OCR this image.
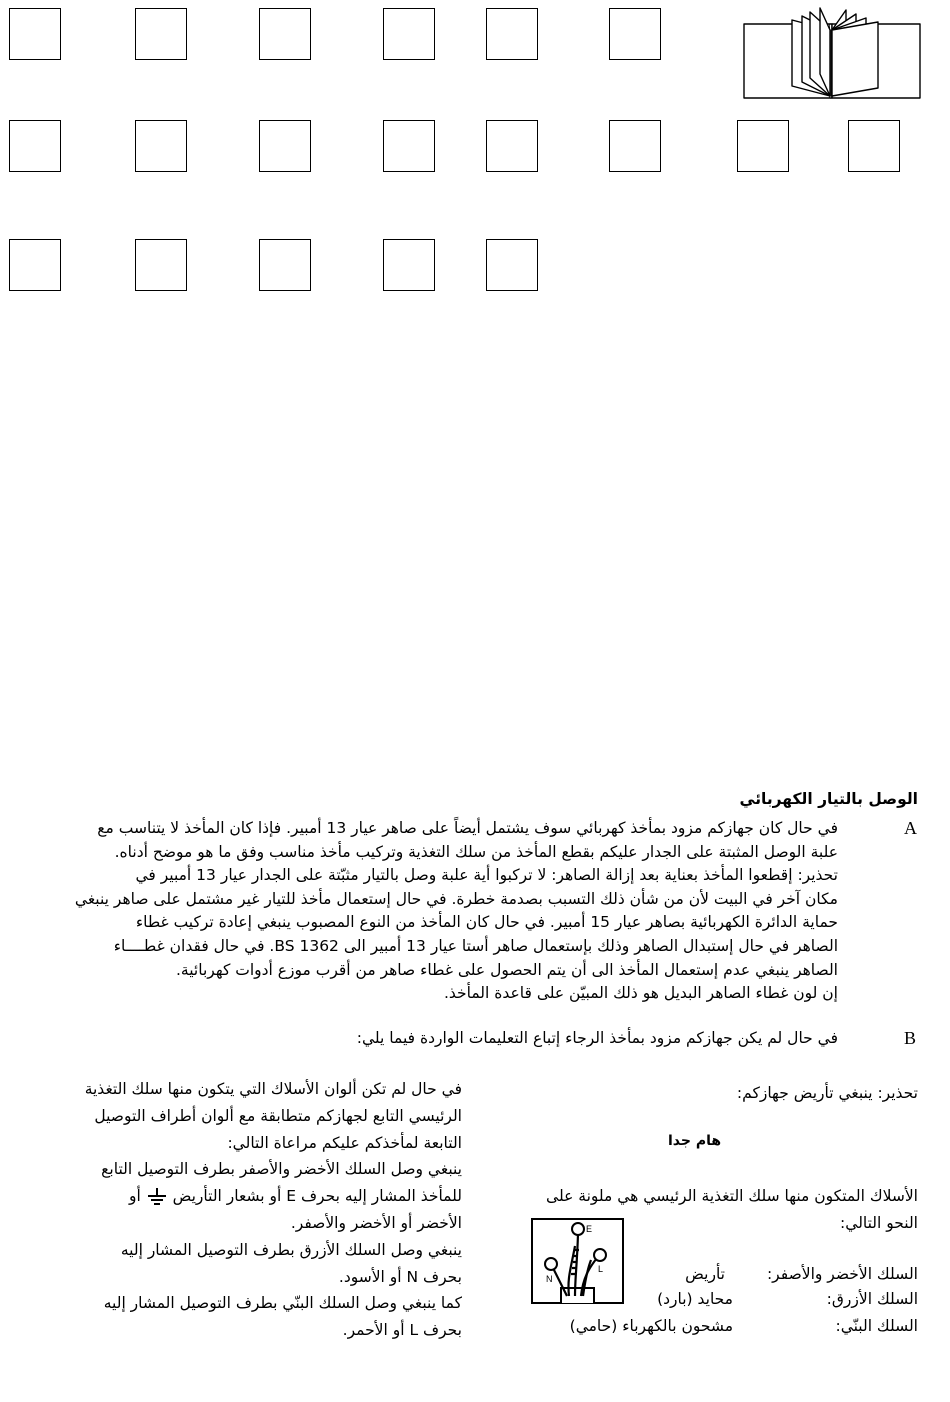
الوصل بالتيار الكهربائي
A

في حال كان جهازكم مزود بمأخذ كهربائي سوف يشتمل أيضاً على صاهر عيار 13 أمبير. فإذا كان المأخذ لا يتناسب مع

علبة الوصل المثبتة على الجدار عليكم بقطع المأخذ من سلك التغذية وتركيب مأخذ مناسب وفق ما هو موضح أدناه.

تحذير: إقطعوا المأخذ بعناية بعد إزالة الصاهر: لا تركبوا أية علبة وصل بالتيار مثبّتة على الجدار عيار 13 أمبير في

مكان آخر في البيت لأن من شأن ذلك التسبب بصدمة خطرة. في حال إستعمال مأخذ للتيار غير مشتمل على صاهر ينبغي

حماية الدائرة الكهربائية بصاهر عيار 15 أمبير. في حال كان المأخذ من النوع المصبوب ينبغي إعادة تركيب غطاء

الصاهر في حال إستبدال الصاهر وذلك بإستعمال صاهر أستا عيار 13 أمبير الى BS 1362. في حال فقدان غطــــاء

الصاهر ينبغي عدم إستعمال المأخذ الى أن يتم الحصول على غطاء صاهر من أقرب موزع أدوات كهربائية.

إن لون غطاء الصاهر البديل هو ذلك المبيّن على قاعدة المأخذ.

B

في حال لم يكن جهازكم مزود بمأخذ الرجاء إتباع التعليمات الواردة فيما يلي:

في حال لم تكن ألوان الأسلاك التي يتكون منها سلك التغذية

الرئيسي التابع لجهازكم متطابقة مع ألوان أطراف التوصيل

التابعة لمأخذكم عليكم مراعاة التالي:

ينبغي وصل السلك الأخضر والأصفر بطرف التوصيل التابع

للمأخذ المشار إليه بحرف E أو بشعار التأريض  أو

الأخضر أو الأخضر والأصفر.

ينبغي وصل السلك الأزرق بطرف التوصيل المشار إليه

بحرف N أو الأسود.

كما ينبغي وصل السلك البنّي بطرف التوصيل المشار إليه

بحرف L أو الأحمر.

تحذير: ينبغي تأريض جهازكم:
هام جدا

الأسلاك المتكون منها سلك التغذية الرئيسي هي ملونة على

النحو التالي:

السلك الأخضر والأصفر:
تأريض
السلك الأزرق:
محايد (بارد)
السلك البنّي:
مشحون بالكهرباء (حامي)
E
L
N
